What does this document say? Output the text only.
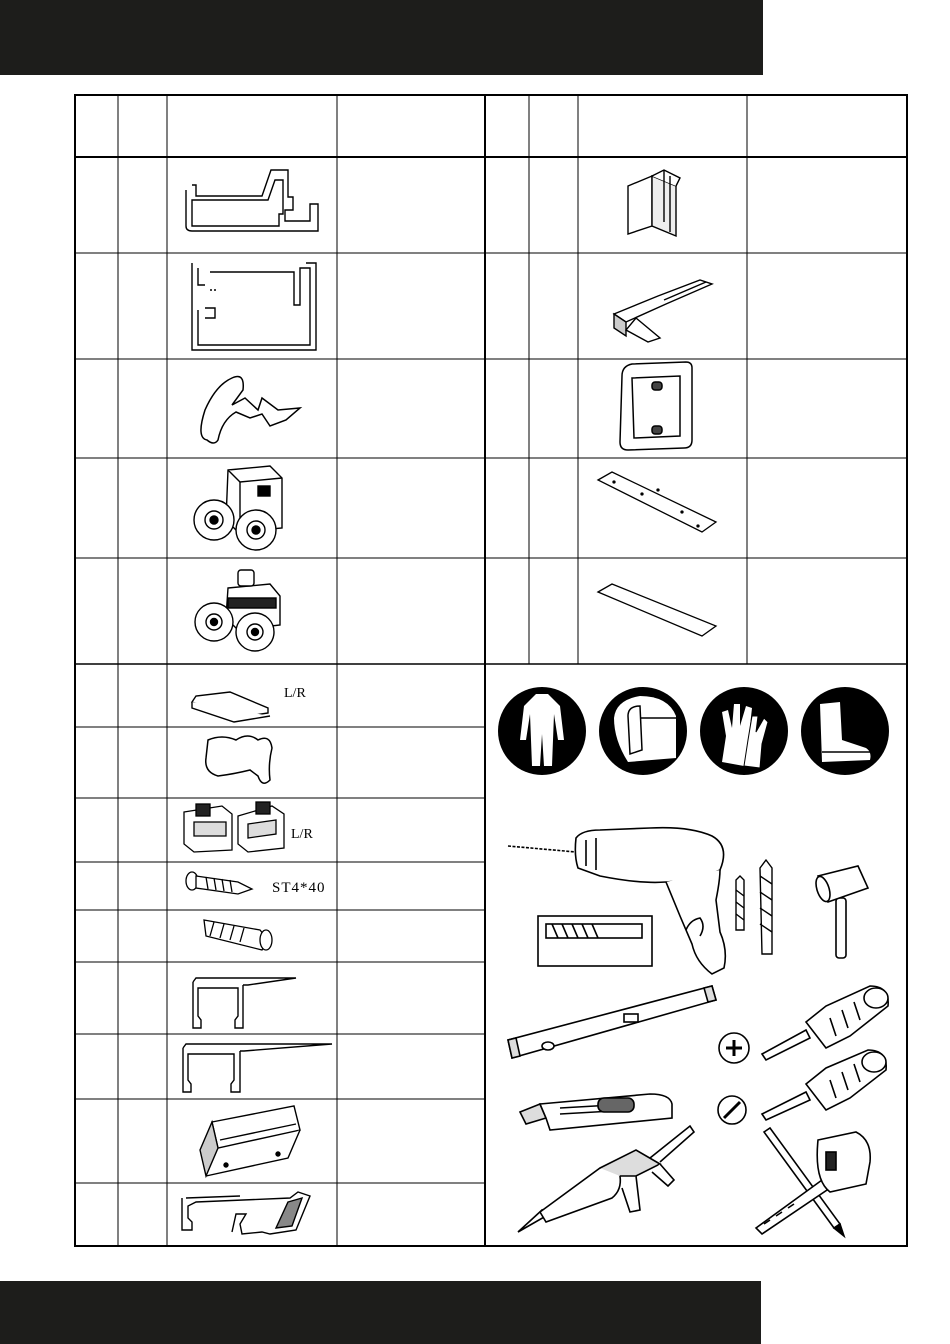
L/R
L/R
ST4*40
